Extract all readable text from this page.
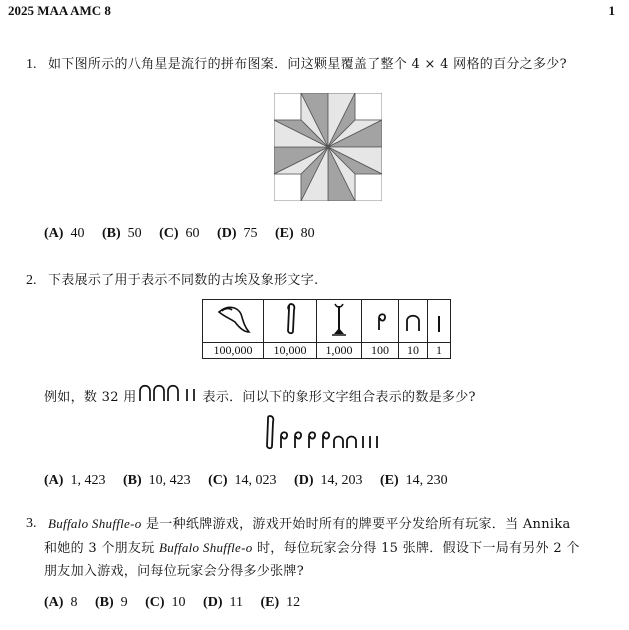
2025 MAA AMC 8	1
1. 如下图所示的八角星是流行的拼布图案．问这颗星覆盖了整个 4 × 4 网格的百分之多少?
(A) 40 (B) 50 (C) 60 (D) 75 (E) 80
2. 下表展示了用于表示不同数的古埃及象形文字.

100,000	10,000	1,000	100	10	1
例如，数 32 用	表示．问以下的象形文字组合表示的数是多少?
(A) 1, 423 (B) 10, 423 (C) 14, 023 (D) 14, 203 (E) 14, 230
3. Buffalo Shuffle-o 是一种纸牌游戏，游戏开始时所有的牌要平分发给所有玩家．当 Annika
和她的 3 个朋友玩 Buffalo Shuffle-o 时，每位玩家会分得 15 张牌．假设下一局有另外 2 个
朋友加入游戏，问每位玩家会分得多少张牌?
(A) 8 (B) 9 (C) 10 (D) 11 (E) 12
